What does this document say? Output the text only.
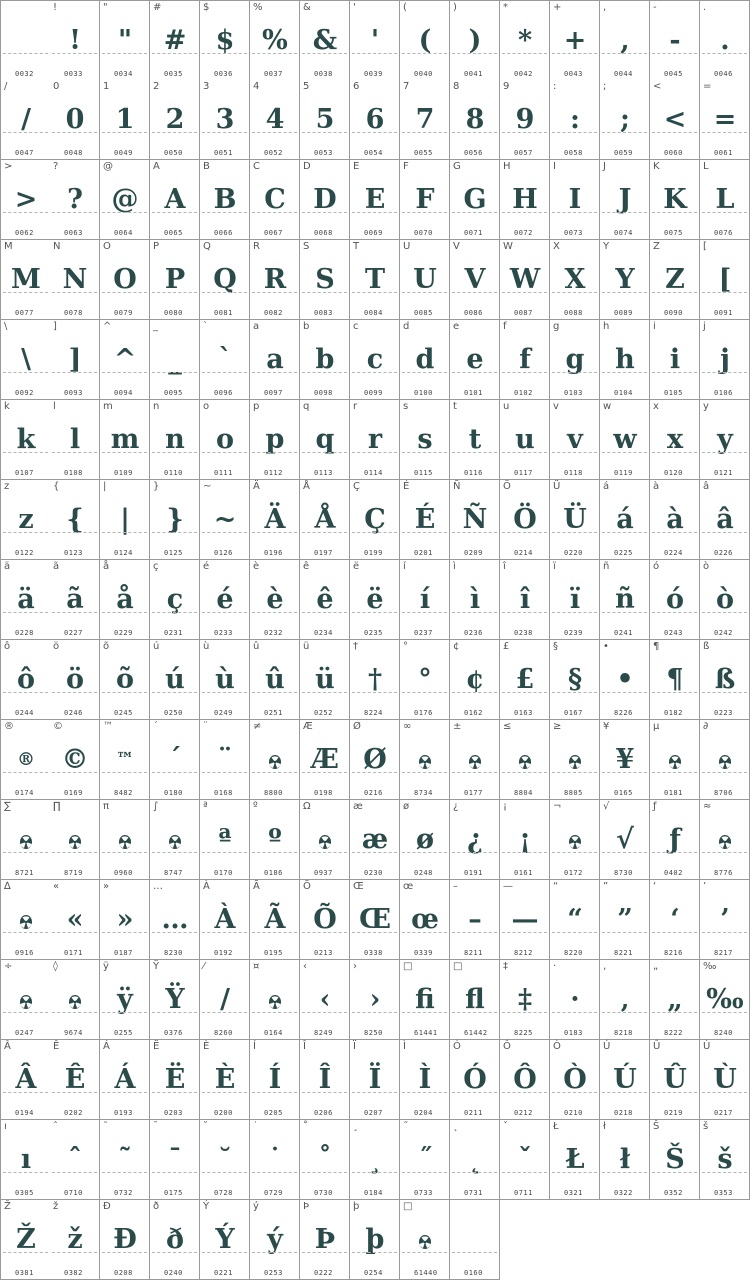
0032
!
!
0033
"
"
0034
#
#
0035
$
$
0036
%
%
0037
&
&
0038
'
'
0039
(
(
0040
)
)
0041
*
*
0042
+
+
0043
,
,
0044
-
-
0045
.
.
0046
/
/
0047
0
0
0048
1
1
0049
2
2
0050
3
3
0051
4
4
0052
5
5
0053
6
6
0054
7
7
0055
8
8
0056
9
9
0057
:
:
0058
;
;
0059
<
<
0060
=
=
0061
>
>
0062
?
?
0063
@
@
0064
A
A
0065
B
B
0066
C
C
0067
D
D
0068
E
E
0069
F
F
0070
G
G
0071
H
H
0072
I
I
0073
J
J
0074
K
K
0075
L
L
0076
M
M
0077
N
N
0078
O
O
0079
P
P
0080
Q
Q
0081
R
R
0082
S
S
0083
T
T
0084
U
U
0085
V
V
0086
W
W
0087
X
X
0088
Y
Y
0089
Z
Z
0090
[
[
0091
\
\
0092
]
]
0093
^
^
0094
_
_
0095
`
`
0096
a
a
0097
b
b
0098
c
c
0099
d
d
0100
e
e
0101
f
f
0102
g
g
0103
h
h
0104
i
i
0105
j
j
0106
k
k
0107
l
l
0108
m
m
0109
n
n
0110
o
o
0111
p
p
0112
q
q
0113
r
r
0114
s
s
0115
t
t
0116
u
u
0117
v
v
0118
w
w
0119
x
x
0120
y
y
0121
z
z
0122
{
{
0123
|
|
0124
}
}
0125
~
~
0126
Ä
Ä
0196
Å
Å
0197
Ç
Ç
0199
É
É
0201
Ñ
Ñ
0209
Ö
Ö
0214
Ü
Ü
0220
á
á
0225
à
à
0224
â
â
0226
ä
ä
0228
ã
ã
0227
å
å
0229
ç
ç
0231
é
é
0233
è
è
0232
ê
ê
0234
ë
ë
0235
í
í
0237
ì
ì
0236
î
î
0238
ï
ï
0239
ñ
ñ
0241
ó
ó
0243
ò
ò
0242
ô
ô
0244
ö
ö
0246
õ
õ
0245
ú
ú
0250
ù
ù
0249
û
û
0251
ü
ü
0252
†
†
8224
°
°
0176
¢
¢
0162
£
£
0163
§
§
0167
•
•
8226
¶
¶
0182
ß
ß
0223
®
®
0174
©
©
0169
™
™
8482
´
´
0180
¨
¨
0168
≠
8800
Æ
Æ
0198
Ø
Ø
0216
∞
8734
±
0177
≤
8804
≥
8805
¥
¥
0165
µ
0181
∂
8706
∑
8721
∏
8719
π
0960
∫
8747
ª
ª
0170
º
º
0186
Ω
0937
æ
æ
0230
ø
ø
0248
¿
¿
0191
¡
¡
0161
¬
0172
√
√
8730
ƒ
ƒ
0402
≈
8776
∆
0916
«
«
0171
»
»
0187
…
…
8230
À
À
0192
Ã
Ã
0195
Õ
Õ
0213
Œ
Œ
0338
œ
œ
0339
–
–
8211
—
—
8212
“
“
8220
”
”
8221
‘
‘
8216
’
’
8217
÷
0247
◊
9674
ÿ
ÿ
0255
Ÿ
Ÿ
0376
⁄
/
8260
¤
0164
‹
‹
8249
›
›
8250
□
ﬁ
61441
□
ﬂ
61442
‡
‡
8225
·
·
0183
‚
‚
8218
„
„
8222
‰
‰
8240
Â
Â
0194
Ê
Ê
0202
Á
Á
0193
Ë
Ë
0203
È
È
0200
Í
Í
0205
Î
Î
0206
Ï
Ï
0207
Ì
Ì
0204
Ó
Ó
0211
Ô
Ô
0212
Ò
Ò
0210
Ú
Ú
0218
Û
Û
0219
Ù
Ù
0217
ı
ı
0305
ˆ
ˆ
0710
˜
˜
0732
¯
¯
0175
˘
˘
0728
˙
˙
0729
˚
˚
0730
¸
¸
0184
˝
˝
0733
˛
˛
0731
ˇ
ˇ
0711
Ł
Ł
0321
ł
ł
0322
Š
Š
0352
š
š
0353
Ž
Ž
0381
ž
ž
0382
Ð
Ð
0208
ð
ð
0240
Ý
Ý
0221
ý
ý
0253
Þ
Þ
0222
þ
þ
0254
□
61440	0160
